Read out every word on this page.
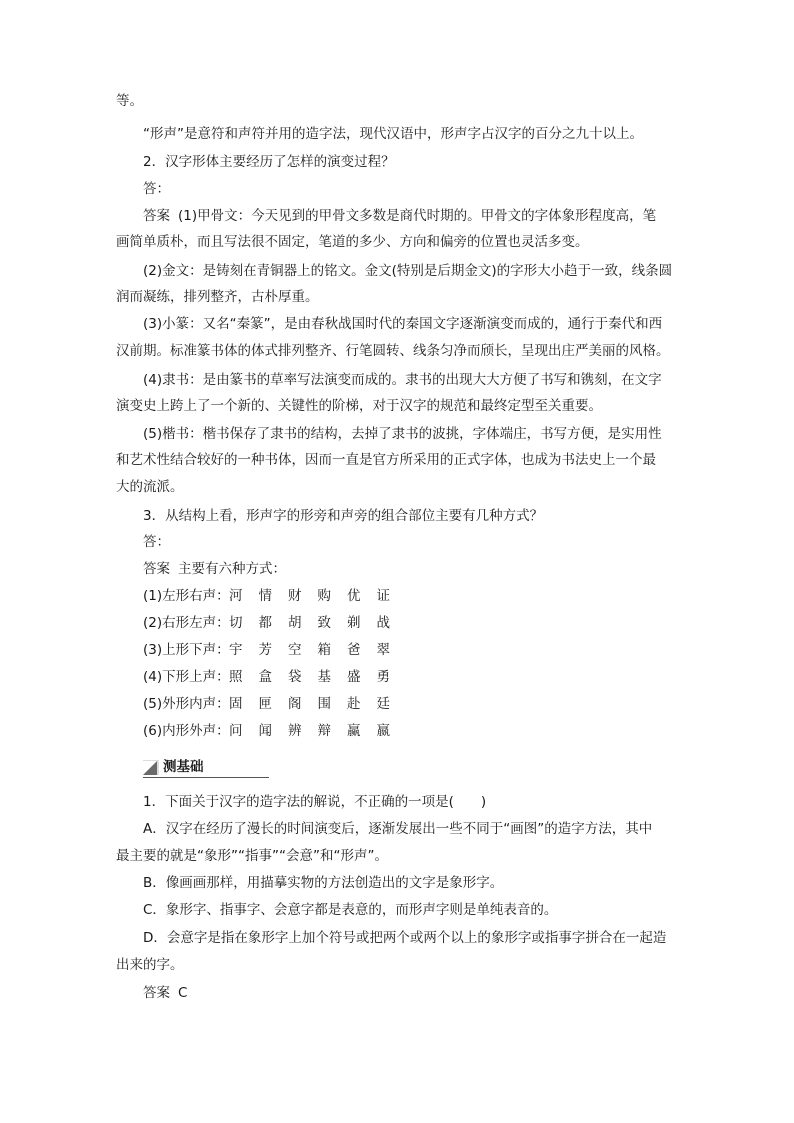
等。
“形声”是意符和声符并用的造字法，现代汉语中，形声字占汉字的百分之九十以上。
2．汉字形体主要经历了怎样的演变过程？
答：
答案 (1)甲骨文：今天见到的甲骨文多数是商代时期的。甲骨文的字体象形程度高，笔
画简单质朴，而且写法很不固定，笔道的多少、方向和偏旁的位置也灵活多变。
(2)金文：是铸刻在青铜器上的铭文。金文(特别是后期金文)的字形大小趋于一致，线条圆
润而凝练，排列整齐，古朴厚重。
(3)小篆：又名“秦篆”，是由春秋战国时代的秦国文字逐渐演变而成的，通行于秦代和西
汉前期。标准篆书体的体式排列整齐、行笔圆转、线条匀净而颀长，呈现出庄严美丽的风格。
(4)隶书：是由篆书的草率写法演变而成的。隶书的出现大大方便了书写和镌刻，在文字
演变史上跨上了一个新的、关键性的阶梯，对于汉字的规范和最终定型至关重要。
(5)楷书：楷书保存了隶书的结构，去掉了隶书的波挑，字体端庄，书写方便，是实用性
和艺术性结合较好的一种书体，因而一直是官方所采用的正式字体，也成为书法史上一个最
大的流派。
3．从结构上看，形声字的形旁和声旁的组合部位主要有几种方式？
答：
答案 主要有六种方式：
(1)左形右声：河 情 财 购 优 证
(2)右形左声：切 都 胡 致 剃 战
(3)上形下声：宇 芳 空 箱 爸 翠
(4)下形上声：照 盒 袋 基 盛 勇
(5)外形内声：固 匣 阁 围 赴 廷
(6)内形外声：问 闻 辨 辩 赢 嬴
测基础
1．下面关于汉字的造字法的解说，不正确的一项是(　　)
A．汉字在经历了漫长的时间演变后，逐渐发展出一些不同于“画图”的造字方法，其中
最主要的就是“象形”“指事”“会意”和“形声”。
B．像画画那样，用描摹实物的方法创造出的文字是象形字。
C．象形字、指事字、会意字都是表意的，而形声字则是单纯表音的。
D．会意字是指在象形字上加个符号或把两个或两个以上的象形字或指事字拼合在一起造
出来的字。
答案 C
